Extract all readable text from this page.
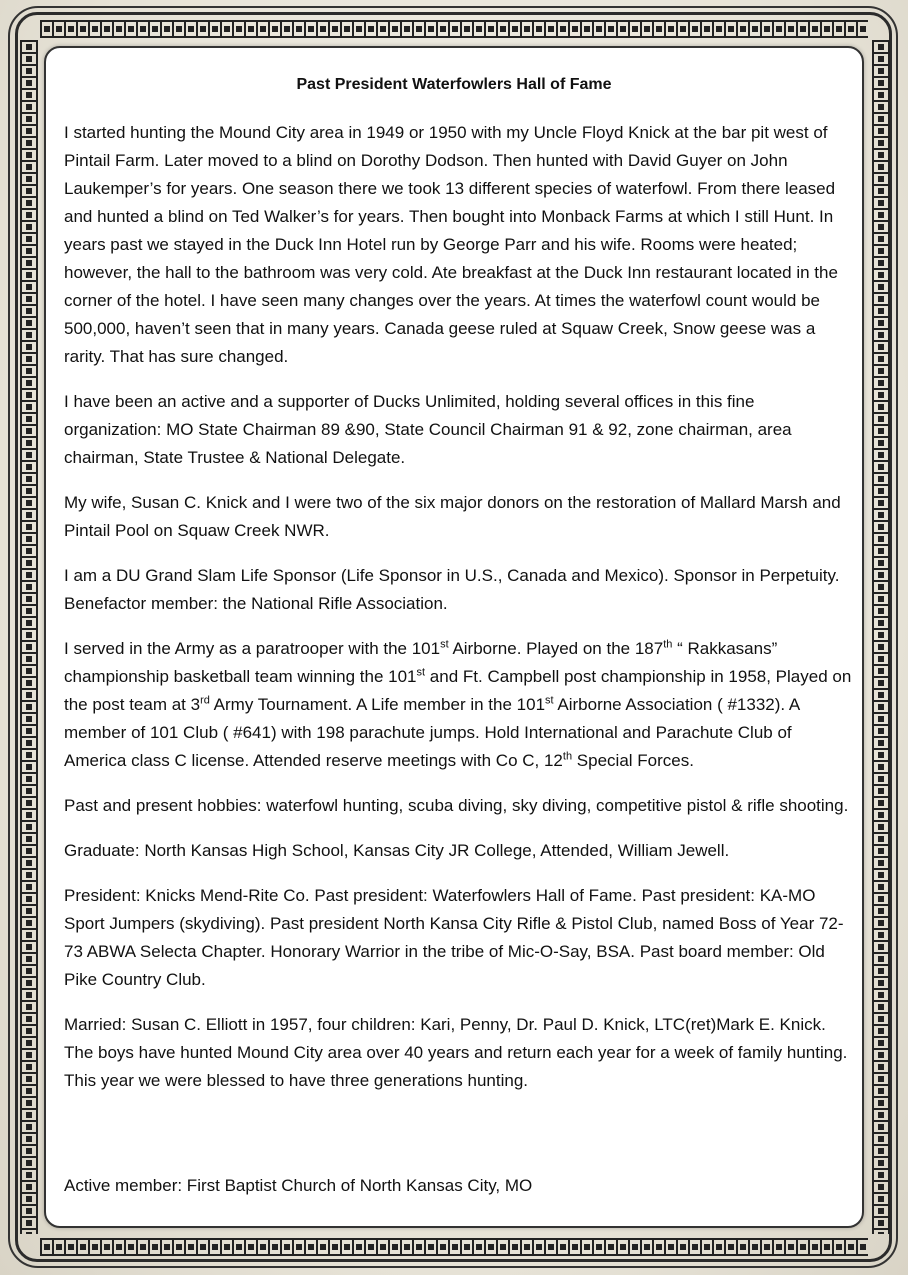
Past President Waterfowlers Hall of Fame

I started hunting the Mound City area in 1949 or 1950 with my Uncle Floyd Knick at the bar pit west of Pintail Farm. Later moved to a blind on Dorothy Dodson. Then hunted with David Guyer on John Laukemper’s for years. One season there we took 13 different species of waterfowl. From there leased and hunted a blind on Ted Walker’s for years. Then bought into Monback Farms at which I still Hunt. In years past we stayed in the Duck Inn Hotel run by George Parr and his wife. Rooms were heated; however, the hall to the bathroom was very cold. Ate breakfast at the Duck Inn restaurant located in the corner of the hotel. I have seen many changes over the years. At times the waterfowl count would be 500,000, haven’t seen that in many years. Canada geese ruled at Squaw Creek, Snow geese was a rarity. That has sure changed.

I have been an active and a supporter of Ducks Unlimited, holding several offices in this fine organization: MO State Chairman 89 &90, State Council Chairman 91 & 92, zone chairman, area chairman, State Trustee & National Delegate.

My wife, Susan C. Knick and I were two of the six major donors on the restoration of Mallard Marsh and Pintail Pool on Squaw Creek NWR.

I am a DU Grand Slam Life Sponsor (Life Sponsor in U.S., Canada and Mexico). Sponsor in Perpetuity. Benefactor member: the National Rifle Association.

I served in the Army as a paratrooper with the 101st Airborne. Played on the 187th “ Rakkasans” championship basketball team winning the 101st and Ft. Campbell post championship in 1958, Played on the post team at 3rd Army Tournament. A Life member in the 101st Airborne Association ( #1332). A member of 101 Club ( #641) with 198 parachute jumps. Hold International and Parachute Club of America class C license. Attended reserve meetings with Co C, 12th Special Forces.

Past and present hobbies: waterfowl hunting, scuba diving, sky diving, competitive pistol & rifle shooting.

Graduate: North Kansas High School, Kansas City JR College, Attended, William Jewell.

President: Knicks Mend-Rite Co. Past president: Waterfowlers Hall of Fame. Past president: KA-MO Sport Jumpers (skydiving). Past president North Kansa City Rifle & Pistol Club, named Boss of Year 72-73 ABWA Selecta Chapter. Honorary Warrior in the tribe of Mic-O-Say, BSA. Past board member: Old Pike Country Club.

Married: Susan C. Elliott in 1957, four children: Kari, Penny, Dr. Paul D. Knick, LTC(ret)Mark E. Knick. The boys have hunted Mound City area over 40 years and return each year for a week of family hunting. This year we were blessed to have three generations hunting.

Active member: First Baptist Church of North Kansas City, MO
